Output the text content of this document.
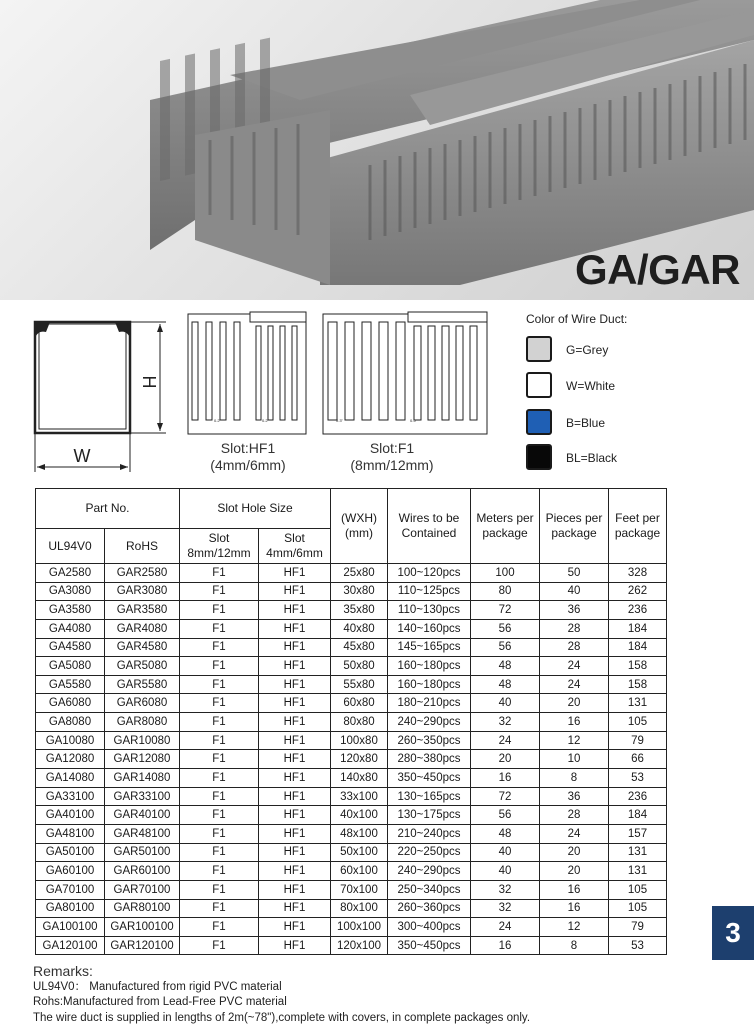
GA/GAR
H
W
0.2"	0.2"	0.3"	0.5"
Slot:HF1
(4mm/6mm)
Slot:F1
(8mm/12mm)
Color of Wire Duct:
G=Grey
W=White
B=Blue
BL=Black
Part No.		Slot Hole Size		(WXH) (mm)	Wires to be Contained	Meters per package	Pieces per package	Feet per package
UL94V0	RoHS	Slot 8mm/12mm	Slot 4mm/6mm					
GA2580	GAR2580	F1	HF1	25x80	100~120pcs	100	50	328
GA3080	GAR3080	F1	HF1	30x80	110~125pcs	80	40	262
GA3580	GAR3580	F1	HF1	35x80	110~130pcs	72	36	236
GA4080	GAR4080	F1	HF1	40x80	140~160pcs	56	28	184
GA4580	GAR4580	F1	HF1	45x80	145~165pcs	56	28	184
GA5080	GAR5080	F1	HF1	50x80	160~180pcs	48	24	158
GA5580	GAR5580	F1	HF1	55x80	160~180pcs	48	24	158
GA6080	GAR6080	F1	HF1	60x80	180~210pcs	40	20	131
GA8080	GAR8080	F1	HF1	80x80	240~290pcs	32	16	105
GA10080	GAR10080	F1	HF1	100x80	260~350pcs	24	12	79
GA12080	GAR12080	F1	HF1	120x80	280~380pcs	20	10	66
GA14080	GAR14080	F1	HF1	140x80	350~450pcs	16	8	53
GA33100	GAR33100	F1	HF1	33x100	130~165pcs	72	36	236
GA40100	GAR40100	F1	HF1	40x100	130~175pcs	56	28	184
GA48100	GAR48100	F1	HF1	48x100	210~240pcs	48	24	157
GA50100	GAR50100	F1	HF1	50x100	220~250pcs	40	20	131
GA60100	GAR60100	F1	HF1	60x100	240~290pcs	40	20	131
GA70100	GAR70100	F1	HF1	70x100	250~340pcs	32	16	105
GA80100	GAR80100	F1	HF1	80x100	260~360pcs	32	16	105
GA100100	GAR100100	F1	HF1	100x100	300~400pcs	24	12	79
GA120100	GAR120100	F1	HF1	120x100	350~450pcs	16	8	53
Remarks:
UL94V0： Manufactured from rigid PVC material
Rohs:Manufactured from Lead-Free PVC material
The wire duct is supplied in lengths of 2m(~78"),complete with covers, in complete packages only.
3
